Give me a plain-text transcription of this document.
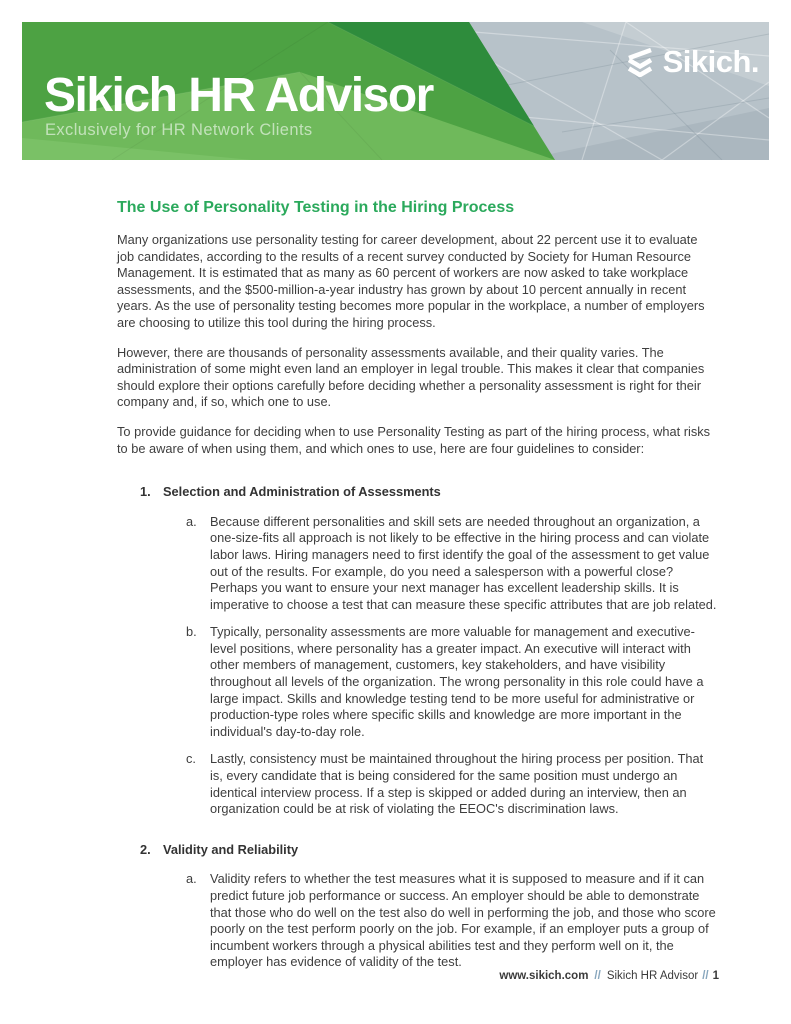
Sikich HR Advisor
Exclusively for HR Network Clients
Sikich.
The Use of Personality Testing in the Hiring Process

Many organizations use personality testing for career development, about 22 percent use it to evaluate job candidates, according to the results of a recent survey conducted by Society for Human Resource Management. It is estimated that as many as 60 percent of workers are now asked to take workplace assessments, and the $500-million-a-year industry has grown by about 10 percent annually in recent years. As the use of personality testing becomes more popular in the workplace, a number of employers are choosing to utilize this tool during the hiring process.

However, there are thousands of personality assessments available, and their quality varies. The administration of some might even land an employer in legal trouble. This makes it clear that companies should explore their options carefully before deciding whether a personality assessment is right for their company and, if so, which one to use.

To provide guidance for deciding when to use Personality Testing as part of the hiring process, what risks to be aware of when using them, and which ones to use, here are four guidelines to consider:

1. Selection and Administration of Assessments
a.	Because different personalities and skill sets are needed throughout an organization, a one-size-fits all approach is not likely to be effective in the hiring process and can violate labor laws. Hiring managers need to first identify the goal of the assessment to get value out of the results. For example, do you need a salesperson with a powerful close? Perhaps you want to ensure your next manager has excellent leadership skills. It is imperative to choose a test that can measure these specific attributes that are job related.
b.	Typically, personality assessments are more valuable for management and executive-level positions, where personality has a greater impact. An executive will interact with other members of management, customers, key stakeholders, and have visibility throughout all levels of the organization. The wrong personality in this role could have a large impact. Skills and knowledge testing tend to be more useful for administrative or production-type roles where specific skills and knowledge are more important in the individual's day-to-day role.
c.	Lastly, consistency must be maintained throughout the hiring process per position. That is, every candidate that is being considered for the same position must undergo an identical interview process. If a step is skipped or added during an interview, then an organization could be at risk of violating the EEOC's discrimination laws.
2. Validity and Reliability
a.	Validity refers to whether the test measures what it is supposed to measure and if it can predict future job performance or success. An employer should be able to demonstrate that those who do well on the test also do well in performing the job, and those who score poorly on the test perform poorly on the job. For example, if an employer puts a group of incumbent workers through a physical abilities test and they perform well on it, the employer has evidence of validity of the test.
www.sikich.com // Sikich HR Advisor // 1
